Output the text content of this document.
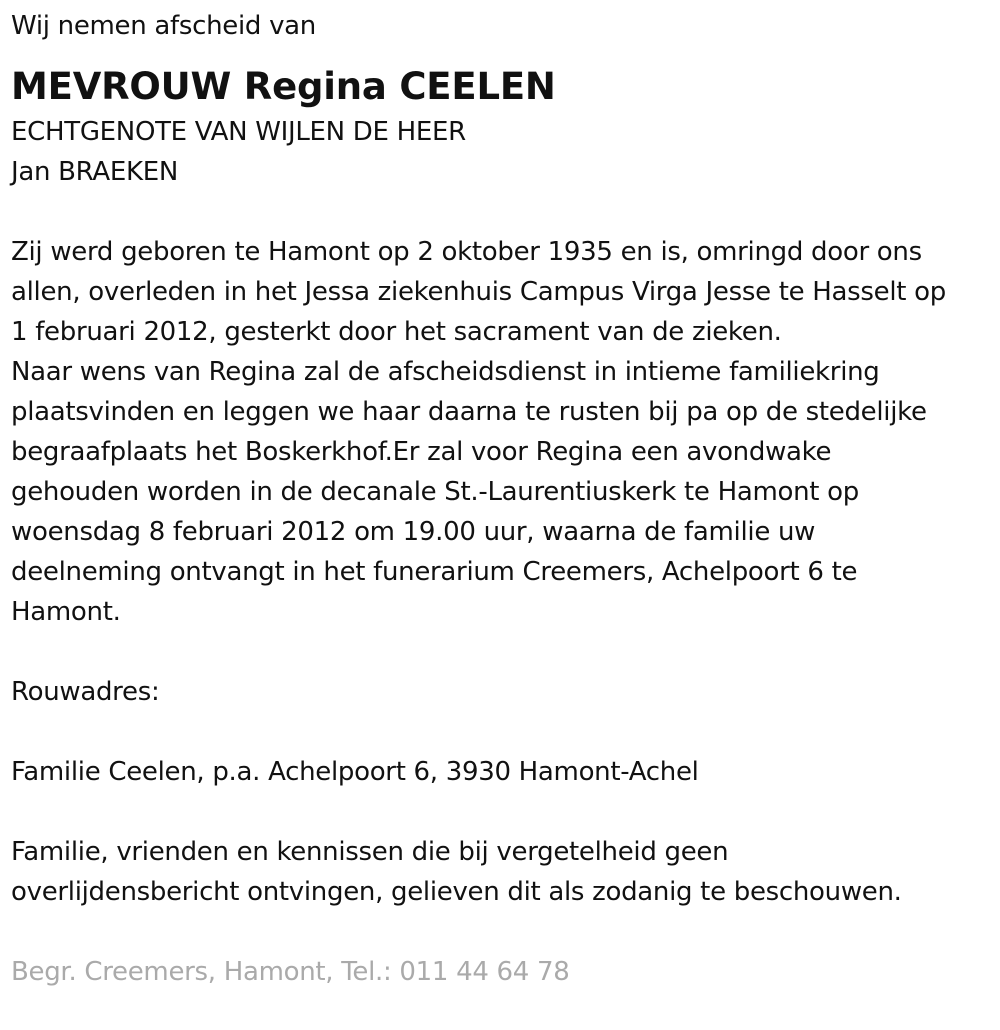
Wij nemen afscheid van
MEVROUW Regina CEELEN
ECHTGENOTE VAN WIJLEN DE HEER
Jan BRAEKEN
Zij werd geboren te Hamont op 2 oktober 1935 en is, omringd door ons
allen, overleden in het Jessa ziekenhuis Campus Virga Jesse te Hasselt op
1 februari 2012, gesterkt door het sacrament van de zieken.
Naar wens van Regina zal de afscheidsdienst in intieme familiekring
plaatsvinden en leggen we haar daarna te rusten bij pa op de stedelijke
begraafplaats het Boskerkhof.Er zal voor Regina een avondwake
gehouden worden in de decanale St.-Laurentiuskerk te Hamont op
woensdag 8 februari 2012 om 19.00 uur, waarna de familie uw
deelneming ontvangt in het funerarium Creemers, Achelpoort 6 te
Hamont.
Rouwadres:
Familie Ceelen, p.a. Achelpoort 6, 3930 Hamont-Achel
Familie, vrienden en kennissen die bij vergetelheid geen
overlijdensbericht ontvingen, gelieven dit als zodanig te beschouwen.
Begr. Creemers, Hamont, Tel.: 011 44 64 78
